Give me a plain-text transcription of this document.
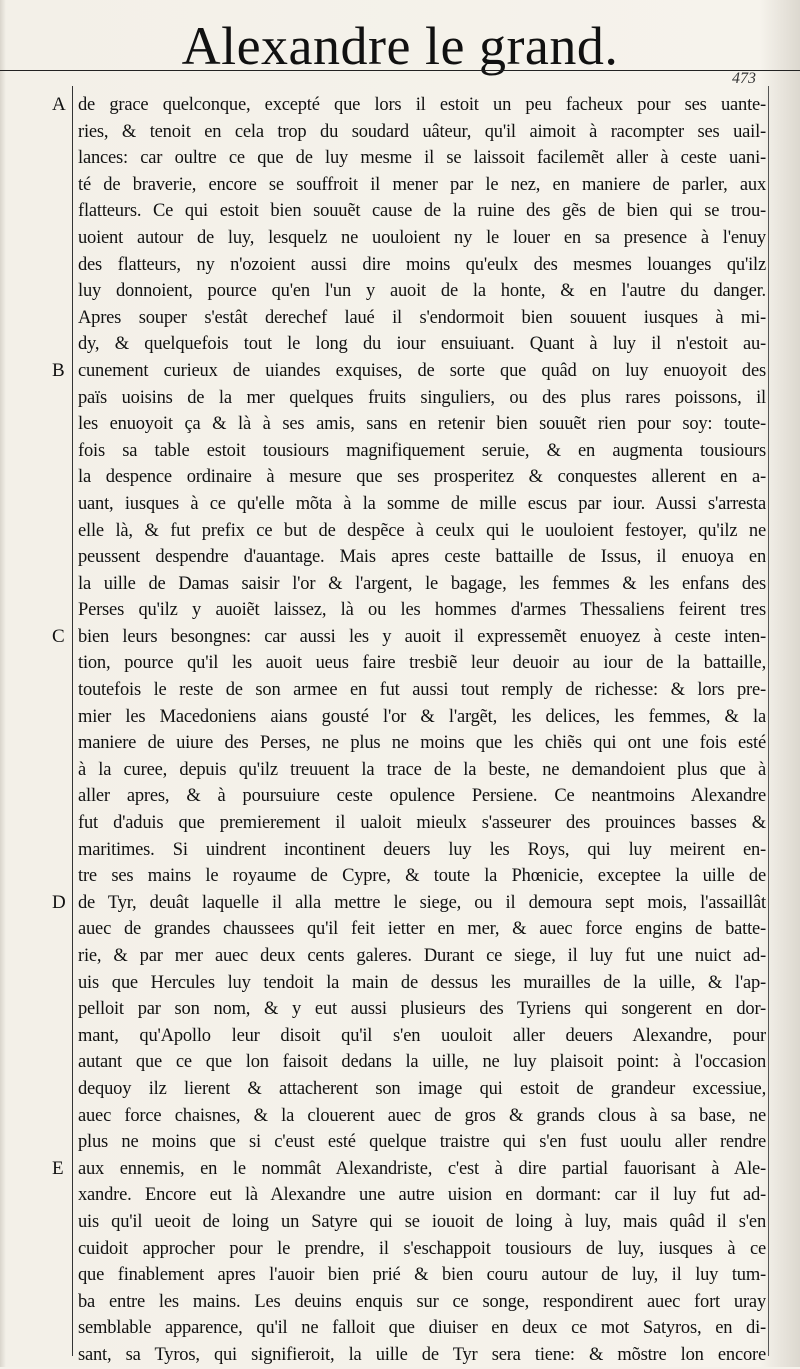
Alexandre le grand.
473
A
B
C
D
E
de grace quelconque, excepté que lors il estoit un peu facheux pour ses uante-
ries, & tenoit en cela trop du soudard uâteur, qu'il aimoit à racompter ses uail-
lances: car oultre ce que de luy mesme il se laissoit facilemẽt aller à ceste uani-
té de braverie, encore se souffroit il mener par le nez, en maniere de parler, aux
flatteurs. Ce qui estoit bien souuẽt cause de la ruine des gẽs de bien qui se trou-
uoient autour de luy, lesquelz ne uouloient ny le louer en sa presence à l'enuy
des flatteurs, ny n'ozoient aussi dire moins qu'eulx des mesmes louanges qu'ilz
luy donnoient, pource qu'en l'un y auoit de la honte, & en l'autre du danger.
Apres souper s'estât derechef laué il s'endormoit bien souuent iusques à mi-
dy, & quelquefois tout le long du iour ensuiuant. Quant à luy il n'estoit au-
cunement curieux de uiandes exquises, de sorte que quâd on luy enuoyoit des
païs uoisins de la mer quelques fruits singuliers, ou des plus rares poissons, il
les enuoyoit ça & là à ses amis, sans en retenir bien souuẽt rien pour soy: toute-
fois sa table estoit tousiours magnifiquement seruie, & en augmenta tousiours
la despence ordinaire à mesure que ses prosperitez & conquestes allerent en a-
uant, iusques à ce qu'elle mõta à la somme de mille escus par iour. Aussi s'arresta
elle là, & fut prefix ce but de despẽce à ceulx qui le uouloient festoyer, qu'ilz ne
peussent despendre d'auantage. Mais apres ceste battaille de Issus, il enuoya en
la uille de Damas saisir l'or & l'argent, le bagage, les femmes & les enfans des
Perses qu'ilz y auoiẽt laissez, là ou les hommes d'armes Thessaliens feirent tres
bien leurs besongnes: car aussi les y auoit il expressemẽt enuoyez à ceste inten-
tion, pource qu'il les auoit ueus faire tresbiẽ leur deuoir au iour de la battaille,
toutefois le reste de son armee en fut aussi tout remply de richesse: & lors pre-
mier les Macedoniens aians gousté l'or & l'argẽt, les delices, les femmes, & la
maniere de uiure des Perses, ne plus ne moins que les chiẽs qui ont une fois esté
à la curee, depuis qu'ilz treuuent la trace de la beste, ne demandoient plus que à
aller apres, & à poursuiure ceste opulence Persiene. Ce neantmoins Alexandre
fut d'aduis que premierement il ualoit mieulx s'asseurer des prouinces basses &
maritimes. Si uindrent incontinent deuers luy les Roys, qui luy meirent en-
tre ses mains le royaume de Cypre, & toute la Phœnicie, exceptee la uille de
de Tyr, deuât laquelle il alla mettre le siege, ou il demoura sept mois, l'assaillât
auec de grandes chaussees qu'il feit ietter en mer, & auec force engins de batte-
rie, & par mer auec deux cents galeres. Durant ce siege, il luy fut une nuict ad-
uis que Hercules luy tendoit la main de dessus les murailles de la uille, & l'ap-
pelloit par son nom, & y eut aussi plusieurs des Tyriens qui songerent en dor-
mant, qu'Apollo leur disoit qu'il s'en uouloit aller deuers Alexandre, pour
autant que ce que lon faisoit dedans la uille, ne luy plaisoit point: à l'occasion
dequoy ilz lierent & attacherent son image qui estoit de grandeur excessiue,
auec force chaisnes, & la clouerent auec de gros & grands clous à sa base, ne
plus ne moins que si c'eust esté quelque traistre qui s'en fust uoulu aller rendre
aux ennemis, en le nommât Alexandriste, c'est à dire partial fauorisant à Ale-
xandre. Encore eut là Alexandre une autre uision en dormant: car il luy fut ad-
uis qu'il ueoit de loing un Satyre qui se iouoit de loing à luy, mais quâd il s'en
cuidoit approcher pour le prendre, il s'eschappoit tousiours de luy, iusques à ce
que finablement apres l'auoir bien prié & bien couru autour de luy, il luy tum-
ba entre les mains. Les deuins enquis sur ce songe, respondirent auec fort uray
semblable apparence, qu'il ne falloit que diuiser en deux ce mot Satyros, en di-
sant, sa Tyros, qui signifieroit, la uille de Tyr sera tiene: & mõstre lon encore
